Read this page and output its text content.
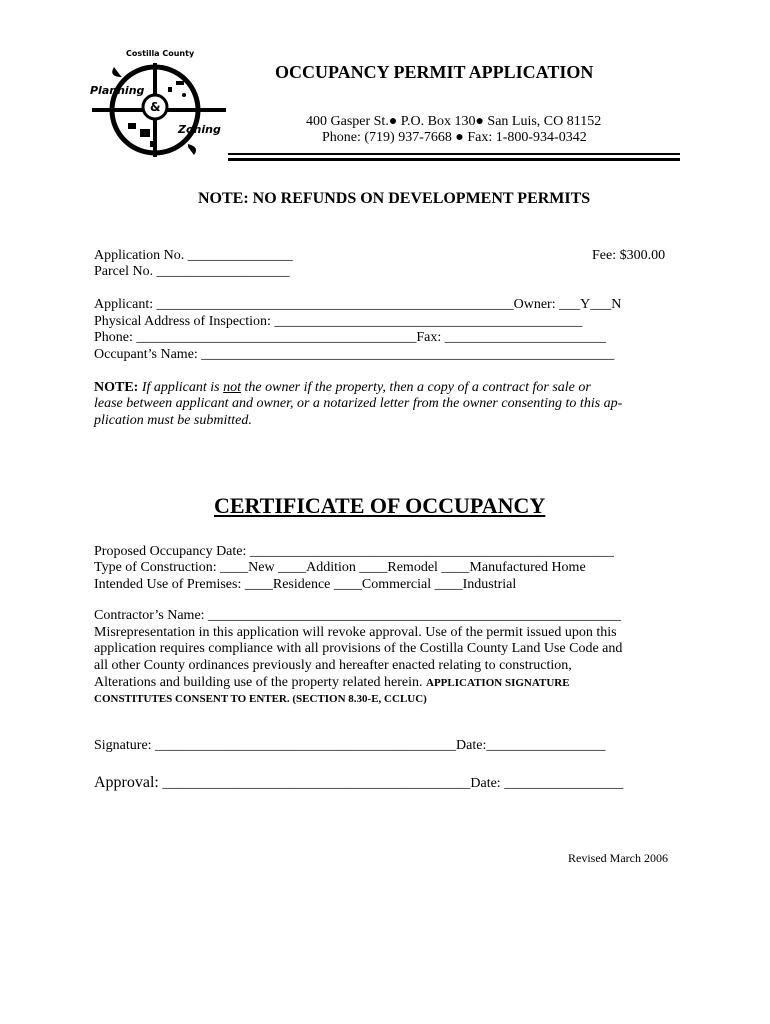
Costilla County
Planning
&
Zoning
OCCUPANCY PERMIT APPLICATION
400 Gasper St.● P.O. Box 130● San Luis, CO 81152
Phone: (719) 937-7668 ● Fax: 1-800-934-0342
NOTE: NO REFUNDS ON DEVELOPMENT PERMITS
Application No. _______________	Fee: $300.00
Parcel No. ___________________
Applicant: ___________________________________________________Owner: ___Y___N
Physical Address of Inspection: ____________________________________________
Phone: ________________________________________Fax: _______________________
Occupant’s Name: ___________________________________________________________
NOTE: If applicant is not the owner if the property, then a copy of a contract for sale or
lease between applicant and owner, or a notarized letter from the owner consenting to this ap-
plication must be submitted.
CERTIFICATE OF OCCUPANCY
Proposed Occupancy Date: ____________________________________________________
Type of Construction: ____New ____Addition ____Remodel ____Manufactured Home
Intended Use of Premises: ____Residence ____Commercial ____Industrial
Contractor’s Name: ___________________________________________________________
Misrepresentation in this application will revoke approval. Use of the permit issued upon this
application requires compliance with all provisions of the Costilla County Land Use Code and
all other County ordinances previously and hereafter enacted relating to construction,
Alterations and building use of the property related herein. APPLICATION SIGNATURE
CONSTITUTES CONSENT TO ENTER. (SECTION 8.30-E, CCLUC)
Signature: ___________________________________________Date:_________________
Approval: ____________________________________________Date: _________________
Revised March 2006
